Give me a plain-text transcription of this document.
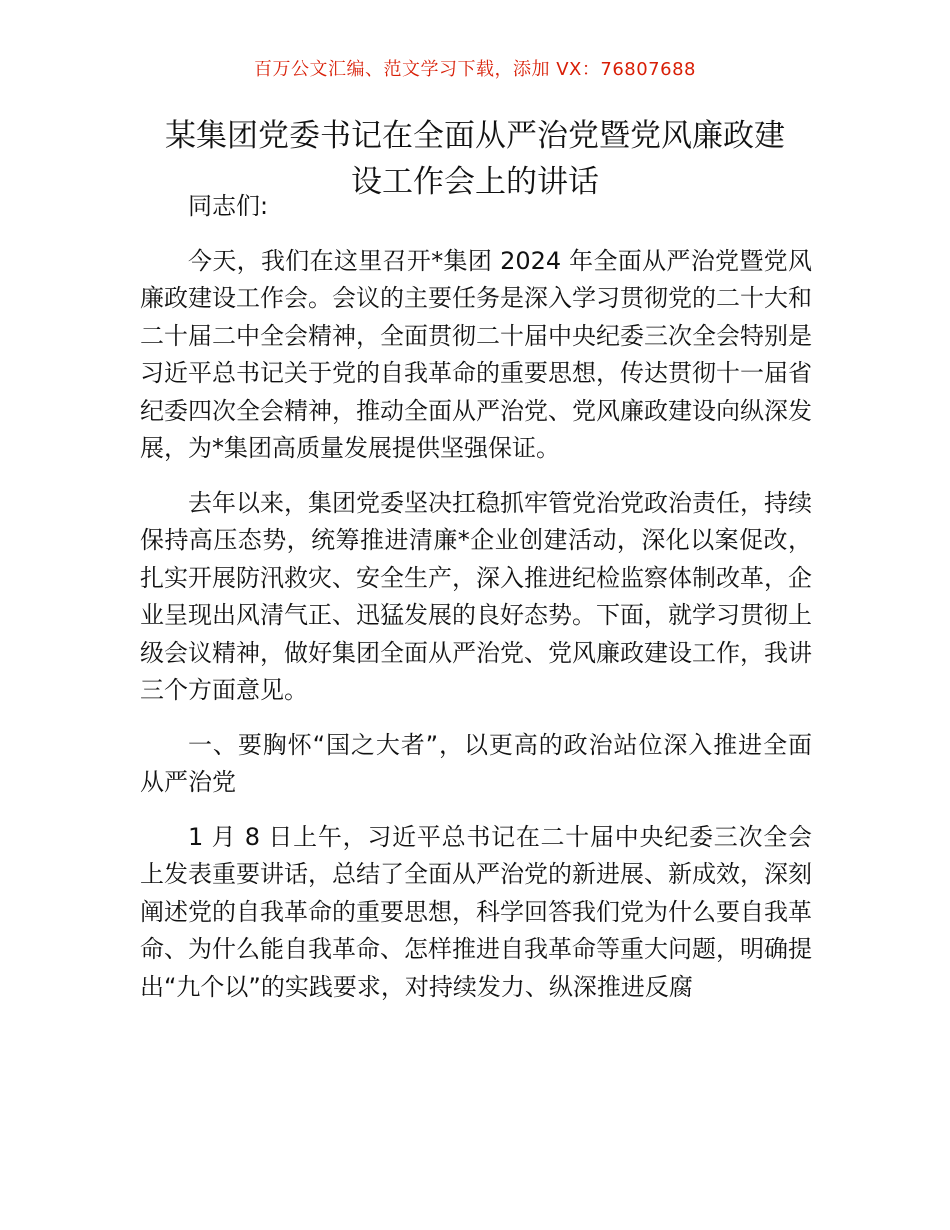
百万公文汇编、范文学习下载，添加 VX：76807688
某集团党委书记在全面从严治党暨党风廉政建
设工作会上的讲话
同志们:

今天，我们在这里召开*集团 2024 年全面从严治党暨党风廉政建设工作会。会议的主要任务是深入学习贯彻党的二十大和二十届二中全会精神，全面贯彻二十届中央纪委三次全会特别是习近平总书记关于党的自我革命的重要思想，传达贯彻十一届省纪委四次全会精神，推动全面从严治党、党风廉政建设向纵深发展，为*集团高质量发展提供坚强保证。

去年以来，集团党委坚决扛稳抓牢管党治党政治责任，持续保持高压态势，统筹推进清廉*企业创建活动，深化以案促改，扎实开展防汛救灾、安全生产，深入推进纪检监察体制改革，企业呈现出风清气正、迅猛发展的良好态势。下面，就学习贯彻上级会议精神，做好集团全面从严治党、党风廉政建设工作，我讲三个方面意见。

一、要胸怀“国之大者”，以更高的政治站位深入推进全面从严治党

1 月 8 日上午，习近平总书记在二十届中央纪委三次全会上发表重要讲话，总结了全面从严治党的新进展、新成效，深刻阐述党的自我革命的重要思想，科学回答我们党为什么要自我革命、为什么能自我革命、怎样推进自我革命等重大问题，明确提出“九个以”的实践要求，对持续发力、纵深推进反腐
